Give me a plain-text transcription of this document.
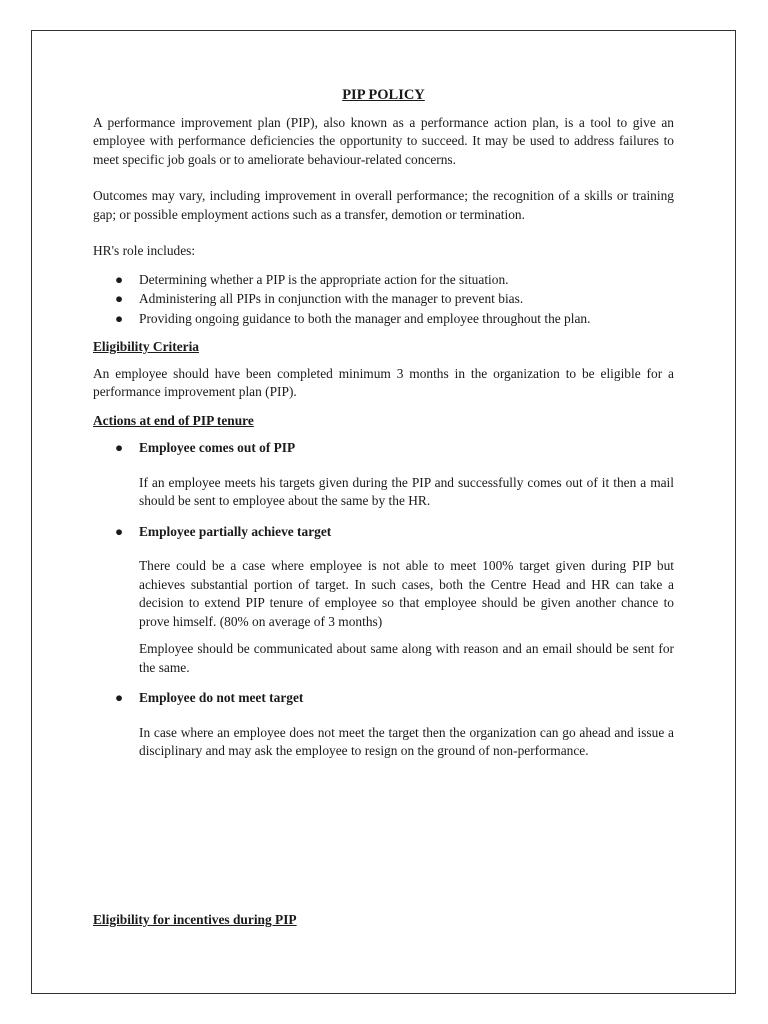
PIP POLICY

A performance improvement plan (PIP), also known as a performance action plan, is a tool to give an employee with performance deficiencies the opportunity to succeed. It may be used to address failures to meet specific job goals or to ameliorate behaviour-related concerns.

Outcomes may vary, including improvement in overall performance; the recognition of a skills or training gap; or possible employment actions such as a transfer, demotion or termination.

HR's role includes:

● Determining whether a PIP is the appropriate action for the situation.
● Administering all PIPs in conjunction with the manager to prevent bias.
● Providing ongoing guidance to both the manager and employee throughout the plan.
Eligibility Criteria

An employee should have been completed minimum 3 months in the organization to be eligible for a performance improvement plan (PIP).

Actions at end of PIP tenure
● Employee comes out of PIP

If an employee meets his targets given during the PIP and successfully comes out of it then a mail should be sent to employee about the same by the HR.

● Employee partially achieve target

There could be a case where employee is not able to meet 100% target given during PIP but achieves substantial portion of target. In such cases, both the Centre Head and HR can take a decision to extend PIP tenure of employee so that employee should be given another chance to prove himself. (80% on average of 3 months)

Employee should be communicated about same along with reason and an email should be sent for the same.

● Employee do not meet target

In case where an employee does not meet the target then the organization can go ahead and issue a disciplinary and may ask the employee to resign on the ground of non-performance.

Eligibility for incentives during PIP
